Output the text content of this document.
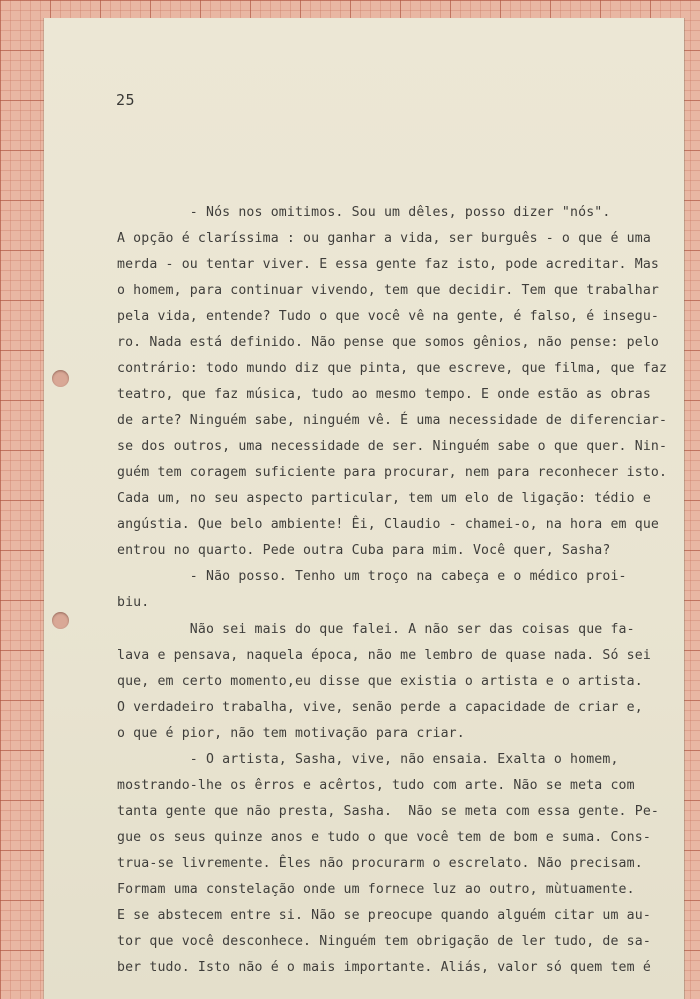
25
- Nós nos omitimos. Sou um dêles, posso dizer "nós".
A opção é claríssima : ou ganhar a vida, ser burguês - o que é uma
merda - ou tentar viver. E essa gente faz isto, pode acreditar. Mas
o homem, para continuar vivendo, tem que decidir. Tem que trabalhar
pela vida, entende? Tudo o que você vê na gente, é falso, é insegu-
ro. Nada está definido. Não pense que somos gênios, não pense: pelo
contrário: todo mundo diz que pinta, que escreve, que filma, que faz
teatro, que faz música, tudo ao mesmo tempo. E onde estão as obras
de arte? Ninguém sabe, ninguém vê. É uma necessidade de diferenciar-
se dos outros, uma necessidade de ser. Ninguém sabe o que quer. Nin-
guém tem coragem suficiente para procurar, nem para reconhecer isto.
Cada um, no seu aspecto particular, tem um elo de ligação: tédio e
angústia. Que belo ambiente! Êi, Claudio - chamei-o, na hora em que
entrou no quarto. Pede outra Cuba para mim. Você quer, Sasha?
- Não posso. Tenho um troço na cabeça e o médico proi-
biu.
Não sei mais do que falei. A não ser das coisas que fa-
lava e pensava, naquela época, não me lembro de quase nada. Só sei
que, em certo momento,eu disse que existia o artista e o artista.
O verdadeiro trabalha, vive, senão perde a capacidade de criar e,
o que é pior, não tem motivação para criar.
- O artista, Sasha, vive, não ensaia. Exalta o homem,
mostrando-lhe os êrros e acêrtos, tudo com arte. Não se meta com
tanta gente que não presta, Sasha.  Não se meta com essa gente. Pe-
gue os seus quinze anos e tudo o que você tem de bom e suma. Cons-
trua-se livremente. Êles não procurarm o escrelato. Não precisam.
Formam uma constelação onde um fornece luz ao outro, mùtuamente.
E se abstecem entre si. Não se preocupe quando alguém citar um au-
tor que você desconhece. Ninguém tem obrigação de ler tudo, de sa-
ber tudo. Isto não é o mais importante. Aliás, valor só quem tem é
